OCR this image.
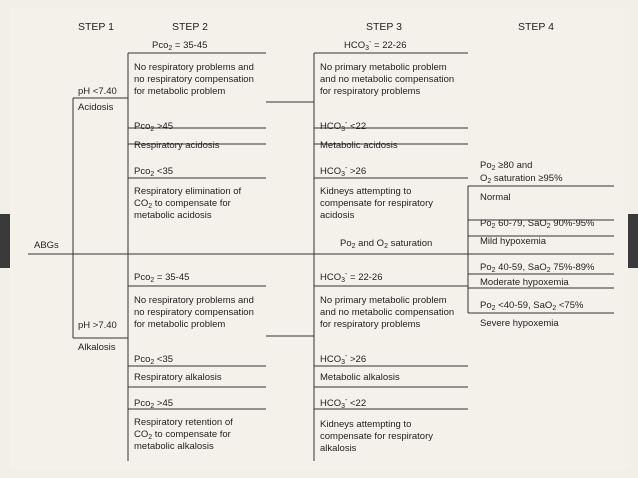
STEP 1	STEP 2	STEP 3	STEP 4
ABGs
pH <7.40
Acidosis
Pco$_2$ = 35-45
No respiratory problems and
no respiratory compensation
for metabolic problem
Pco$_2$ >45
Respiratory acidosis
Pco$_2$ <35
Respiratory elimination of
$CO_2$ to compensate for
metabolic acidosis
$HCO_3^- = 22-26$
No primary metabolic problem
and no metabolic compensation
for respiratory problems
$HCO_3^- <22$
Metabolic acidosis
$HCO_3^- >26$
Kidneys attempting to
compensate for respiratory
acidosis
$Po_2$ and $O_2$ saturation
$Po_2 \ge 80$ and
$O_2$ saturation ≥95%
Normal
$Po_2$ 60-79, SaO$_2$ 90%-95%
Mild hypoxemia
$Po_2$ 40-59, SaO$_2$ 75%-89%
Moderate hypoxemia
$Po_2 <40-59$, SaO$_2$ <75%
Severe hypoxemia
pH >7.40
Alkalosis
Pco$_2$ = 35-45
No respiratory problems and
no respiratory compensation
for metabolic problem
Pco$_2$ <35
Respiratory alkalosis
Pco$_2$ >45
Respiratory retention of
$CO_2$ to compensate for
metabolic alkalosis
$HCO_3^- = 22-26$
No primary metabolic problem
and no metabolic compensation
for respiratory problems
$HCO_3^- >26$
Metabolic alkalosis
$HCO_3^- <22$
Kidneys attempting to
compensate for respiratory
alkalosis
